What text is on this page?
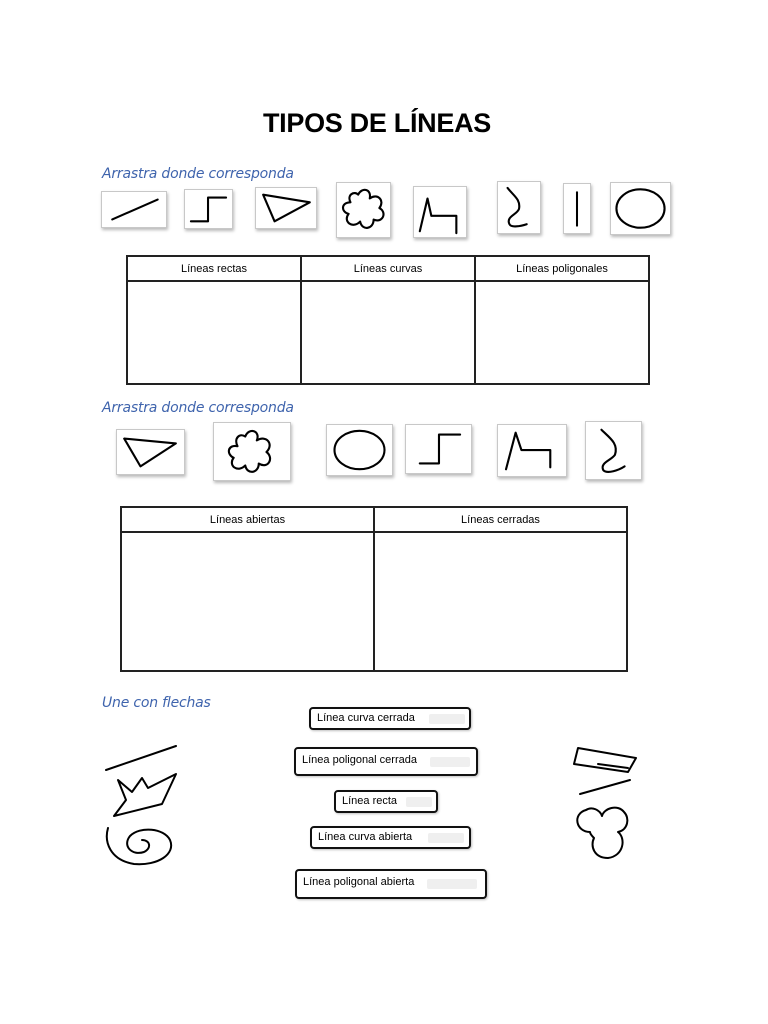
TIPOS DE LÍNEAS
Arrastra donde corresponda
Líneas rectas	Líneas curvas	Líneas poligonales

Arrastra donde corresponda
Líneas abiertas	Líneas cerradas

Une con flechas
Línea curva cerrada
Línea poligonal cerrada
Línea recta
Línea curva abierta
Línea poligonal abierta
